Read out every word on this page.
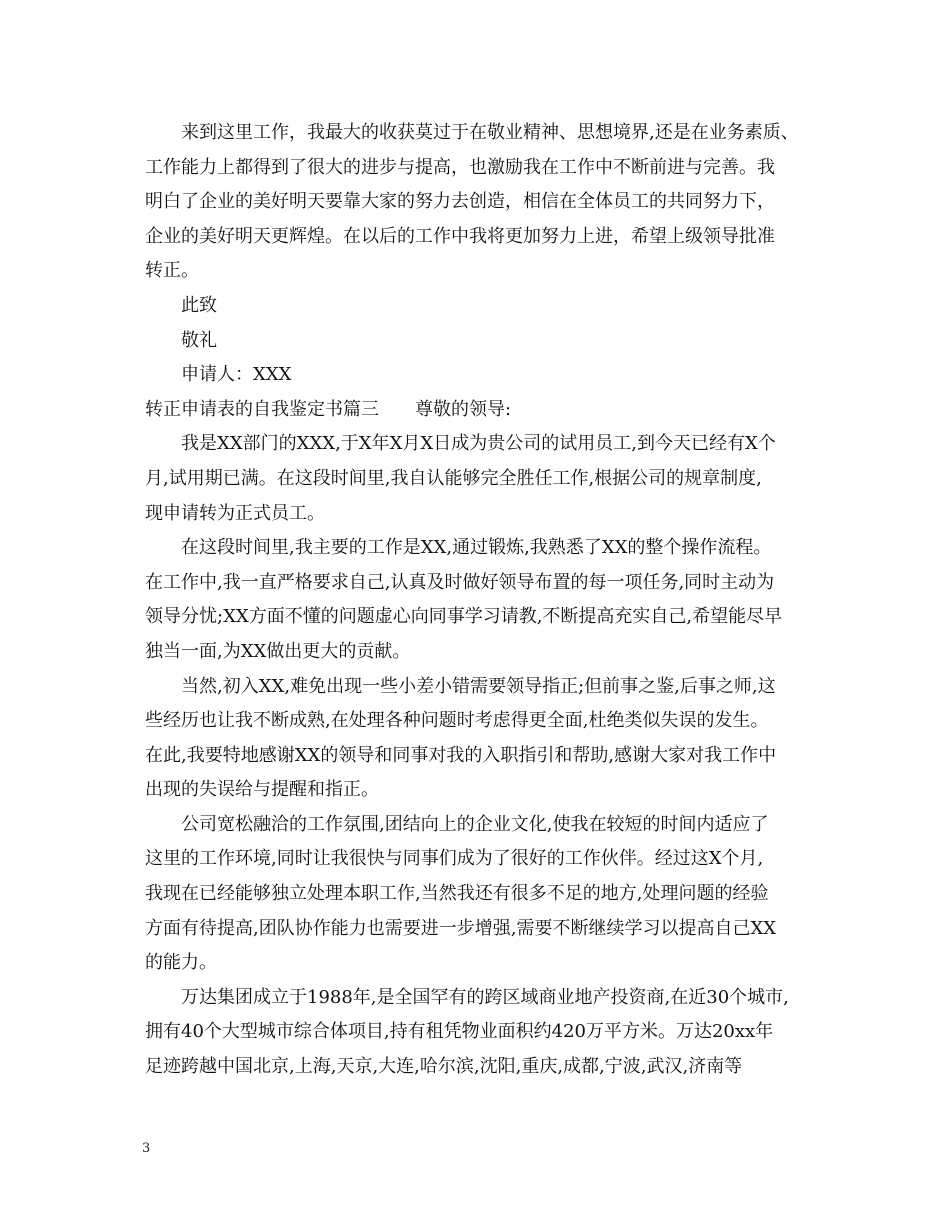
来到这里工作，我最大的收获莫过于在敬业精神、思想境界,还是在业务素质、
工作能力上都得到了很大的进步与提高，也激励我在工作中不断前进与完善。我
明白了企业的美好明天要靠大家的努力去创造，相信在全体员工的共同努力下，
企业的美好明天更辉煌。在以后的工作中我将更加努力上进，希望上级领导批准
转正。
此致
敬礼
申请人：XXX
转正申请表的自我鉴定书篇三　　尊敬的领导:
我是XX部门的XXX,于X年X月X日成为贵公司的试用员工,到今天已经有X个
月,试用期已满。在这段时间里,我自认能够完全胜任工作,根据公司的规章制度,
现申请转为正式员工。
在这段时间里,我主要的工作是XX,通过锻炼,我熟悉了XX的整个操作流程。
在工作中,我一直严格要求自己,认真及时做好领导布置的每一项任务,同时主动为
领导分忧;XX方面不懂的问题虚心向同事学习请教,不断提高充实自己,希望能尽早
独当一面,为XX做出更大的贡献。
当然,初入XX,难免出现一些小差小错需要领导指正;但前事之鉴,后事之师,这
些经历也让我不断成熟,在处理各种问题时考虑得更全面,杜绝类似失误的发生。
在此,我要特地感谢XX的领导和同事对我的入职指引和帮助,感谢大家对我工作中
出现的失误给与提醒和指正。
公司宽松融洽的工作氛围,团结向上的企业文化,使我在较短的时间内适应了
这里的工作环境,同时让我很快与同事们成为了很好的工作伙伴。经过这X个月,
我现在已经能够独立处理本职工作,当然我还有很多不足的地方,处理问题的经验
方面有待提高,团队协作能力也需要进一步增强,需要不断继续学习以提高自己XX
的能力。
万达集团成立于1988年,是全国罕有的跨区域商业地产投资商,在近30个城市,
拥有40个大型城市综合体项目,持有租凭物业面积约420万平方米。万达20xx年
足迹跨越中国北京,上海,天京,大连,哈尔滨,沈阳,重庆,成都,宁波,武汉,济南等
3
